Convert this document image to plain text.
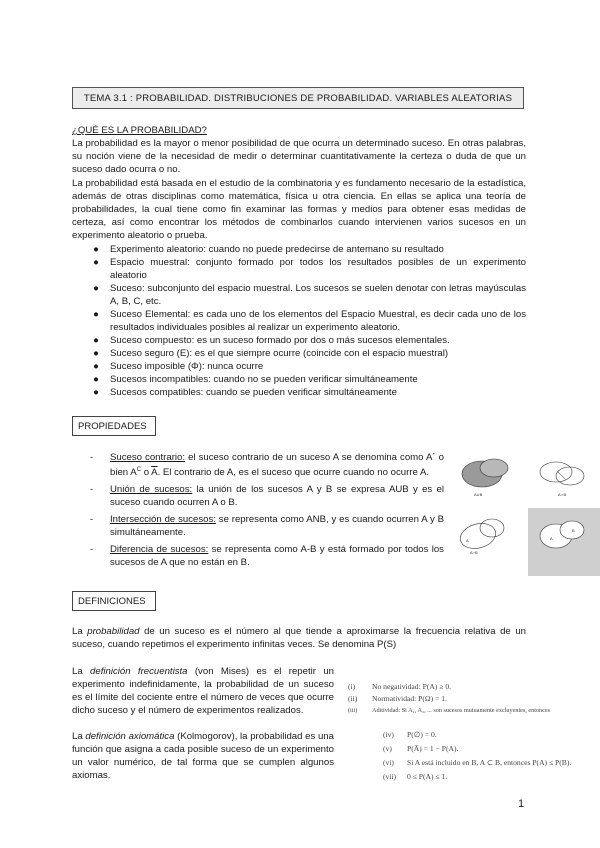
TEMA 3.1 : PROBABILIDAD. DISTRIBUCIONES DE PROBABILIDAD. VARIABLES ALEATORIAS
¿QUÉ ES LA PROBABILIDAD?
La probabilidad es la mayor o menor posibilidad de que ocurra un determinado suceso. En otras palabras, su noción viene de la necesidad de medir o determinar cuantitativamente la certeza o duda de que un suceso dado ocurra o no.
La probabilidad está basada en el estudio de la combinatoria y es fundamento necesario de la estadística, además de otras disciplinas como matemática, física u otra ciencia. En ellas se aplica una teoría de probabilidades, la cual tiene como fin examinar las formas y medios para obtener esas medidas de certeza, así como encontrar los métodos de combinarlos cuando intervienen varios sucesos en un experimento aleatorio o prueba.
●	Experimento aleatorio: cuando no puede predecirse de antemano su resultado
●	Espacio muestral: conjunto formado por todos los resultados posibles de un experimento aleatorio
●	Suceso: subconjunto del espacio muestral. Los sucesos se suelen denotar con letras mayúsculas A, B, C, etc.
●	Suceso Elemental: es cada uno de los elementos del Espacio Muestral, es decir cada uno de los resultados individuales posibles al realizar un experimento aleatorio.
●	Suceso compuesto: es un suceso formado por dos o más sucesos elementales.
●	Suceso seguro (E): es el que siempre ocurre (coincide con el espacio muestral)
●	Suceso imposible (Φ): nunca ocurre
●	Sucesos incompatibles: cuando no se pueden verificar simultáneamente
●	Sucesos compatibles: cuando se pueden verificar simultáneamente
PROPIEDADES
- Suceso contrario: el suceso contrario de un suceso A se denomina como A´ o bien $A^C$ o $\overline{A}$. El contrario de A, es el suceso que ocurre cuando no ocurre A.
- Unión de sucesos: la unión de los sucesos A y B se expresa AUB y es el suceso cuando ocurren A o B.
- Intersección de sucesos: se representa como ANB, y es cuando ocurren A y B simultáneamente.
- Diferencia de sucesos: se representa como A-B y está formado por todos los sucesos de A que no están en B.
A∪B	A∩B
A
A−B
A
B
DEFINICIONES
La probabilidad de un suceso es el número al que tiende a aproximarse la frecuencia relativa de un suceso, cuando repetimos el experimento infinitas veces. Se denomina P(S)
La definición frecuentista (von Mises) es el repetir un experimento indefinidamente, la probabilidad de un suceso es el límite del cociente entre el número de veces que ocurre dicho suceso y el número de experimentos realizados.
La definición axiomática (Kolmogorov), la probabilidad es una función que asigna a cada posible suceso de un experimento un valor numérico, de tal forma que se cumplen algunos axiomas.
(i) No negatividad: P(A) ≥ 0.
(ii) Normatividad: P(Ω) = 1.
(iii) Aditividad: Si A₁, A₂, ... son sucesos mutuamente excluyentes, entonces
(iv) P(∅) = 0.
(v) P(A̅) = 1 − P(A).
(vi) Si A está incluido en B, A ⊂ B, entonces P(A) ≤ P(B).
(vii) 0 ≤ P(A) ≤ 1.
1
